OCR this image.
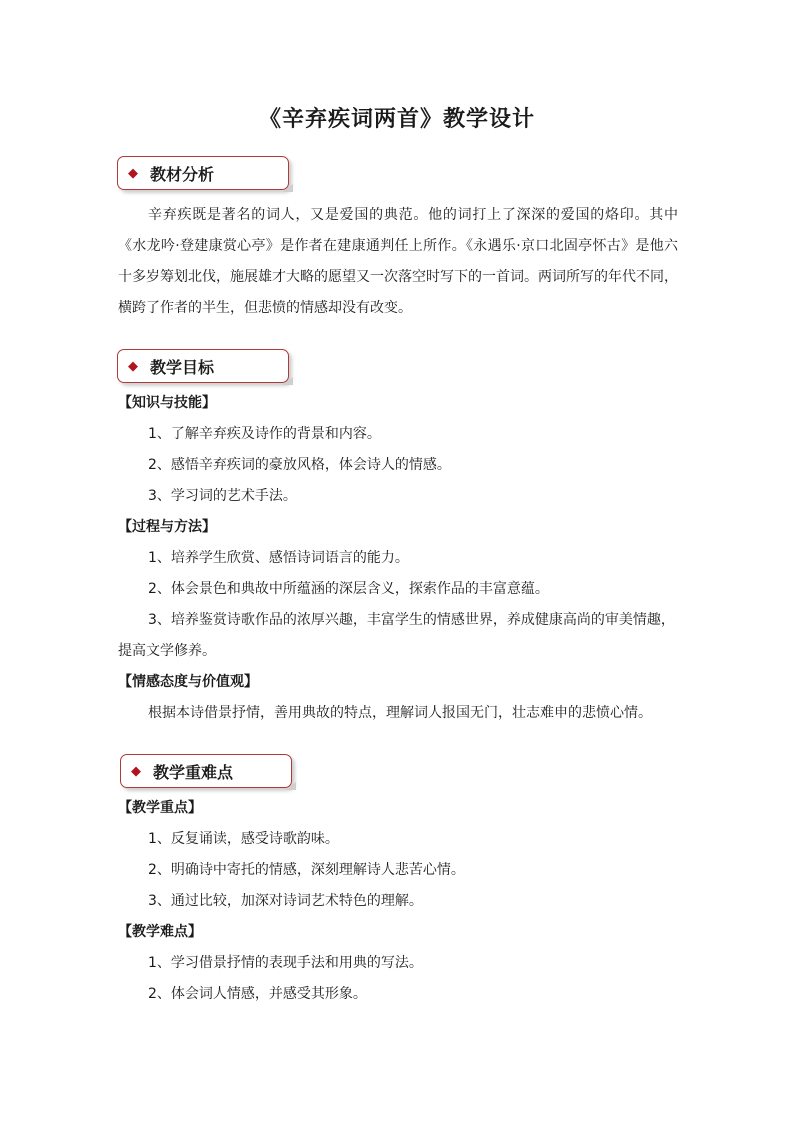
《辛弃疾词两首》教学设计
◆ 教材分析

辛弃疾既是著名的词人，又是爱国的典范。他的词打上了深深的爱国的烙印。其中《水龙吟·登建康赏心亭》是作者在建康通判任上所作。《永遇乐·京口北固亭怀古》是他六十多岁筹划北伐，施展雄才大略的愿望又一次落空时写下的一首词。两词所写的年代不同，横跨了作者的半生，但悲愤的情感却没有改变。

◆ 教学目标

【知识与技能】

1、了解辛弃疾及诗作的背景和内容。

2、感悟辛弃疾词的豪放风格，体会诗人的情感。

3、学习词的艺术手法。

【过程与方法】

1、培养学生欣赏、感悟诗词语言的能力。

2、体会景色和典故中所蕴涵的深层含义，探索作品的丰富意蕴。

3、培养鉴赏诗歌作品的浓厚兴趣，丰富学生的情感世界，养成健康高尚的审美情趣，提高文学修养。

【情感态度与价值观】

根据本诗借景抒情，善用典故的特点，理解词人报国无门，壮志难申的悲愤心情。

◆ 教学重难点

【教学重点】

1、反复诵读，感受诗歌韵味。

2、明确诗中寄托的情感，深刻理解诗人悲苦心情。

3、通过比较，加深对诗词艺术特色的理解。

【教学难点】

1、学习借景抒情的表现手法和用典的写法。

2、体会词人情感，并感受其形象。
